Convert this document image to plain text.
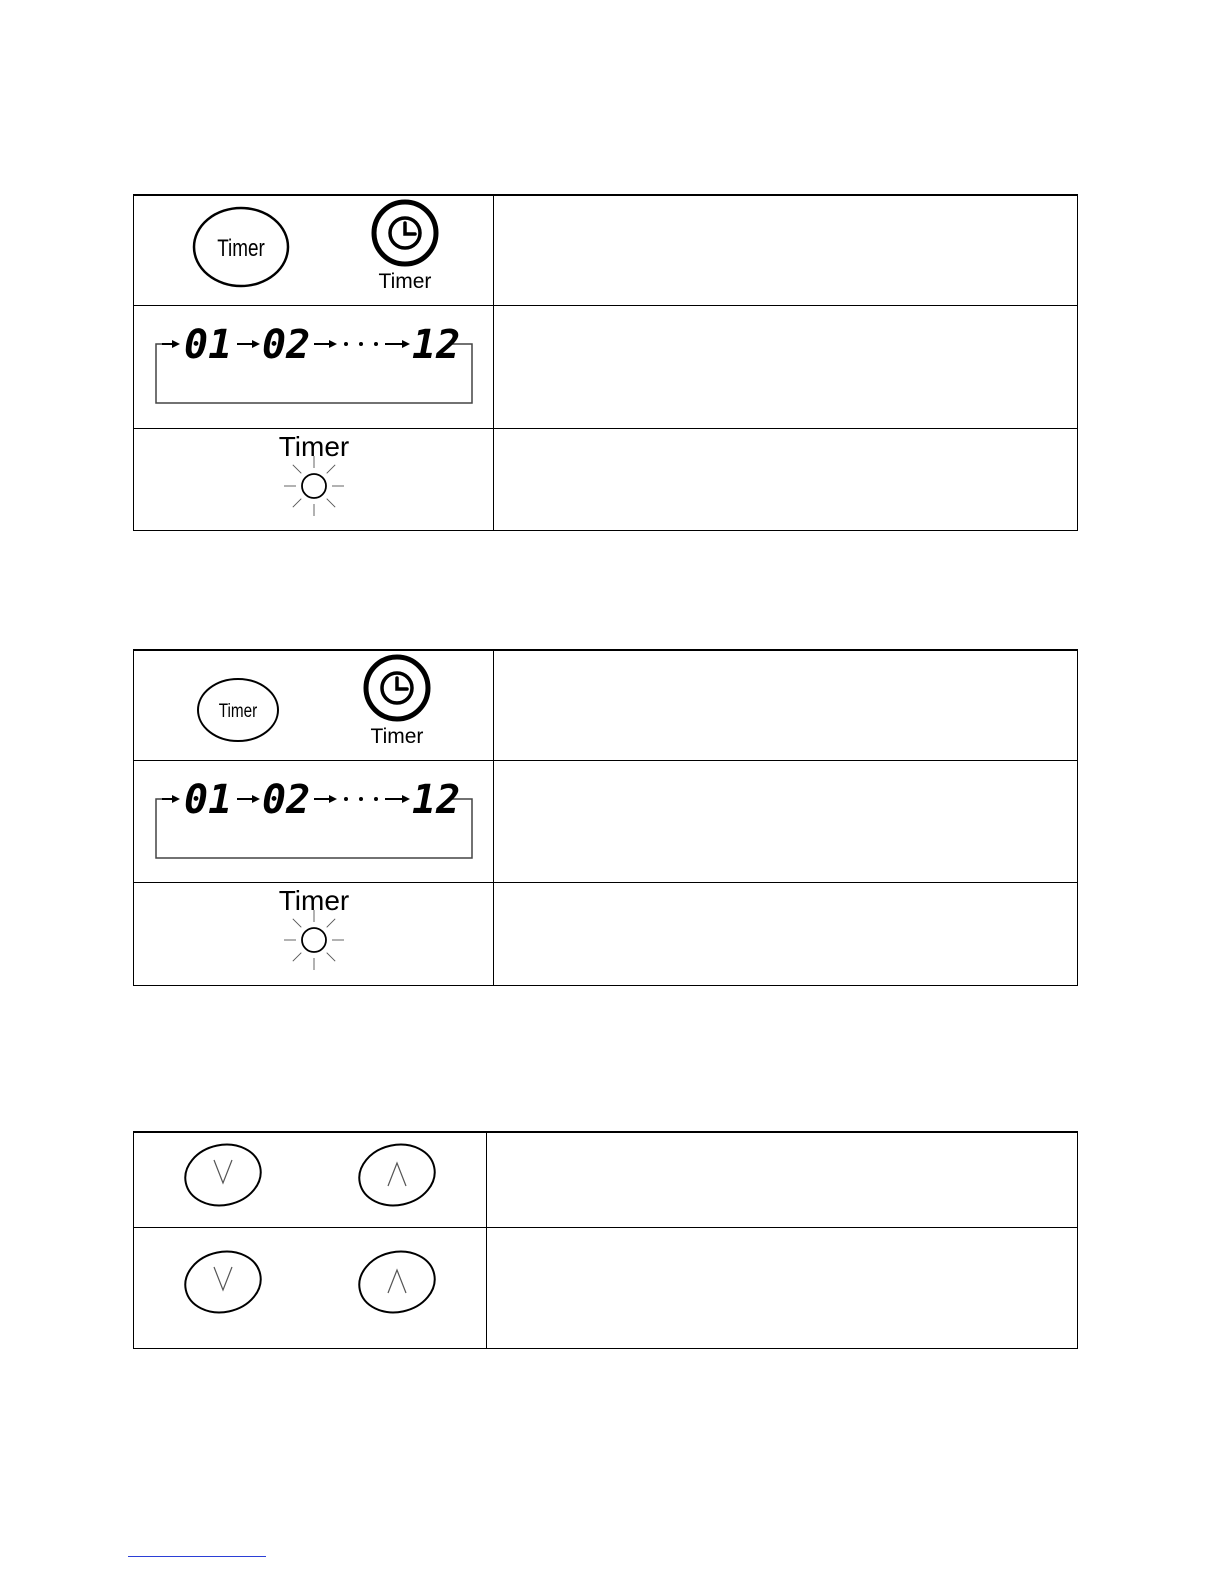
Timer
Timer
01 02	12
Timer
Timer
Timer
01 02	12
Timer
